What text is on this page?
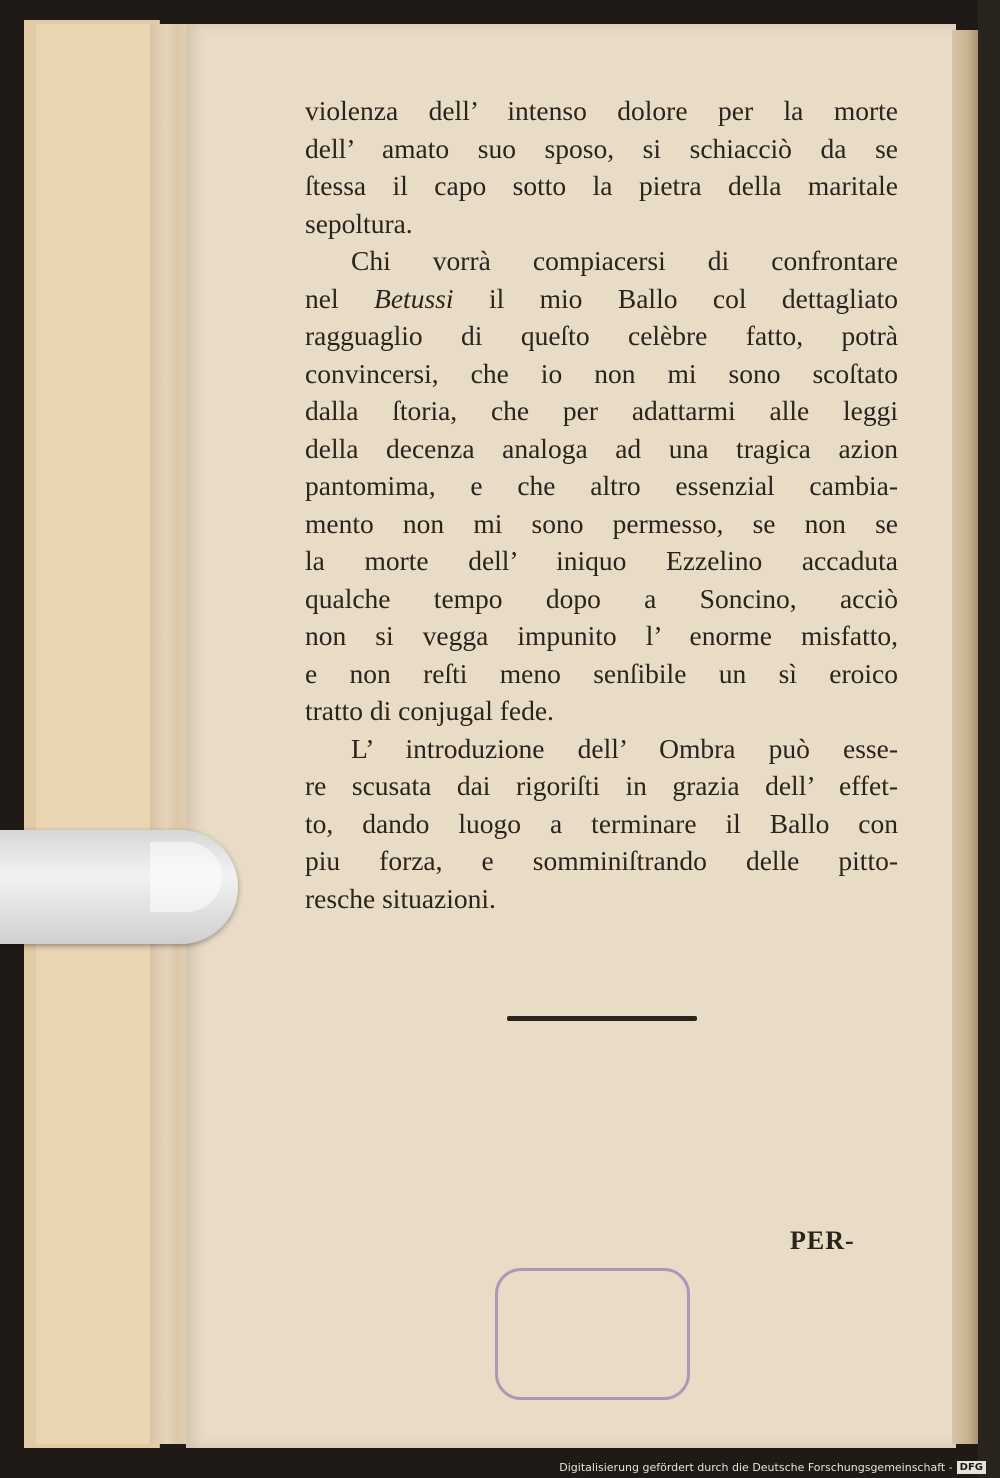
violenza dell’ intenso dolore per la morte
dell’ amato suo sposo, si schiacciò da se
ſtessa il capo sotto la pietra della maritale
sepoltura.

Chi vorrà compiacersi di confrontare
nel Betussi il mio Ballo col dettagliato
ragguaglio di queſto celèbre fatto, potrà
convincersi, che io non mi sono scoſtato
dalla ſtoria, che per adattarmi alle leggi
della decenza analoga ad una tragica azion
pantomima, e che altro essenzial cambia-
mento non mi sono permesso, se non se
la morte dell’ iniquo Ezzelino accaduta
qualche tempo dopo a Soncino, acciò
non si vegga impunito l’ enorme misfatto,
e non reſti meno senſibile un sì eroico
tratto di conjugal fede.

L’ introduzione dell’ Ombra può esse-
re scusata dai rigoriſti in grazia dell’ effet-
to, dando luogo a terminare il Ballo con
piu forza, e somminiſtrando delle pitto-
resche situazioni.

PER-
Digitalisierung gefördert durch die Deutsche Forschungsgemeinschaft - DFG
